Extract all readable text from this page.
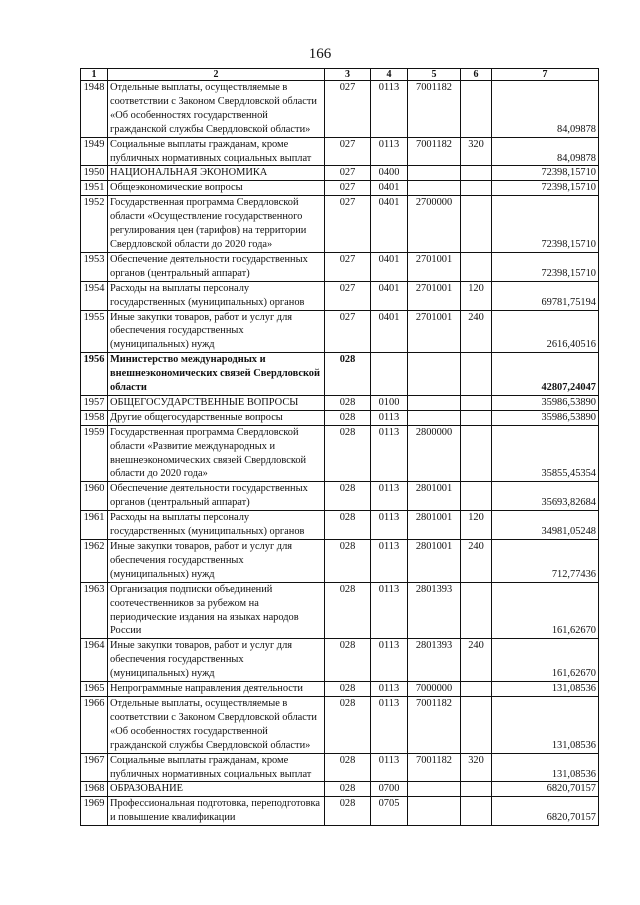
166
1	2	3	4	5	6	7
1948	Отдельные выплаты, осуществляемые в соответствии с Законом Свердловской области «Об особенностях государственной гражданской службы Свердловской области»	027	0113	7001182		84,09878
1949	Социальные выплаты гражданам, кроме публичных нормативных социальных выплат	027	0113	7001182	320	84,09878
1950	НАЦИОНАЛЬНАЯ ЭКОНОМИКА	027	0400			72398,15710
1951	Общеэкономические вопросы	027	0401			72398,15710
1952	Государственная программа Свердловской области «Осуществление государственного регулирования цен (тарифов) на территории Свердловской области до 2020 года»	027	0401	2700000		72398,15710
1953	Обеспечение деятельности государственных органов (центральный аппарат)	027	0401	2701001		72398,15710
1954	Расходы на выплаты персоналу государственных (муниципальных) органов	027	0401	2701001	120	69781,75194
1955	Иные закупки товаров, работ и услуг для обеспечения государственных (муниципальных) нужд	027	0401	2701001	240	2616,40516
1956	Министерство международных и внешнеэкономических связей Свердловской области	028				42807,24047
1957	ОБЩЕГОСУДАРСТВЕННЫЕ ВОПРОСЫ	028	0100			35986,53890
1958	Другие общегосударственные вопросы	028	0113			35986,53890
1959	Государственная программа Свердловской области «Развитие международных и внешнеэкономических связей Свердловской области до 2020 года»	028	0113	2800000		35855,45354
1960	Обеспечение деятельности государственных органов (центральный аппарат)	028	0113	2801001		35693,82684
1961	Расходы на выплаты персоналу государственных (муниципальных) органов	028	0113	2801001	120	34981,05248
1962	Иные закупки товаров, работ и услуг для обеспечения государственных (муниципальных) нужд	028	0113	2801001	240	712,77436
1963	Организация подписки объединений соотечественников за рубежом на периодические издания на языках народов России	028	0113	2801393		161,62670
1964	Иные закупки товаров, работ и услуг для обеспечения государственных (муниципальных) нужд	028	0113	2801393	240	161,62670
1965	Непрограммные направления деятельности	028	0113	7000000		131,08536
1966	Отдельные выплаты, осуществляемые в соответствии с Законом Свердловской области «Об особенностях государственной гражданской службы Свердловской области»	028	0113	7001182		131,08536
1967	Социальные выплаты гражданам, кроме публичных нормативных социальных выплат	028	0113	7001182	320	131,08536
1968	ОБРАЗОВАНИЕ	028	0700			6820,70157
1969	Профессиональная подготовка, переподготовка и повышение квалификации	028	0705			6820,70157
